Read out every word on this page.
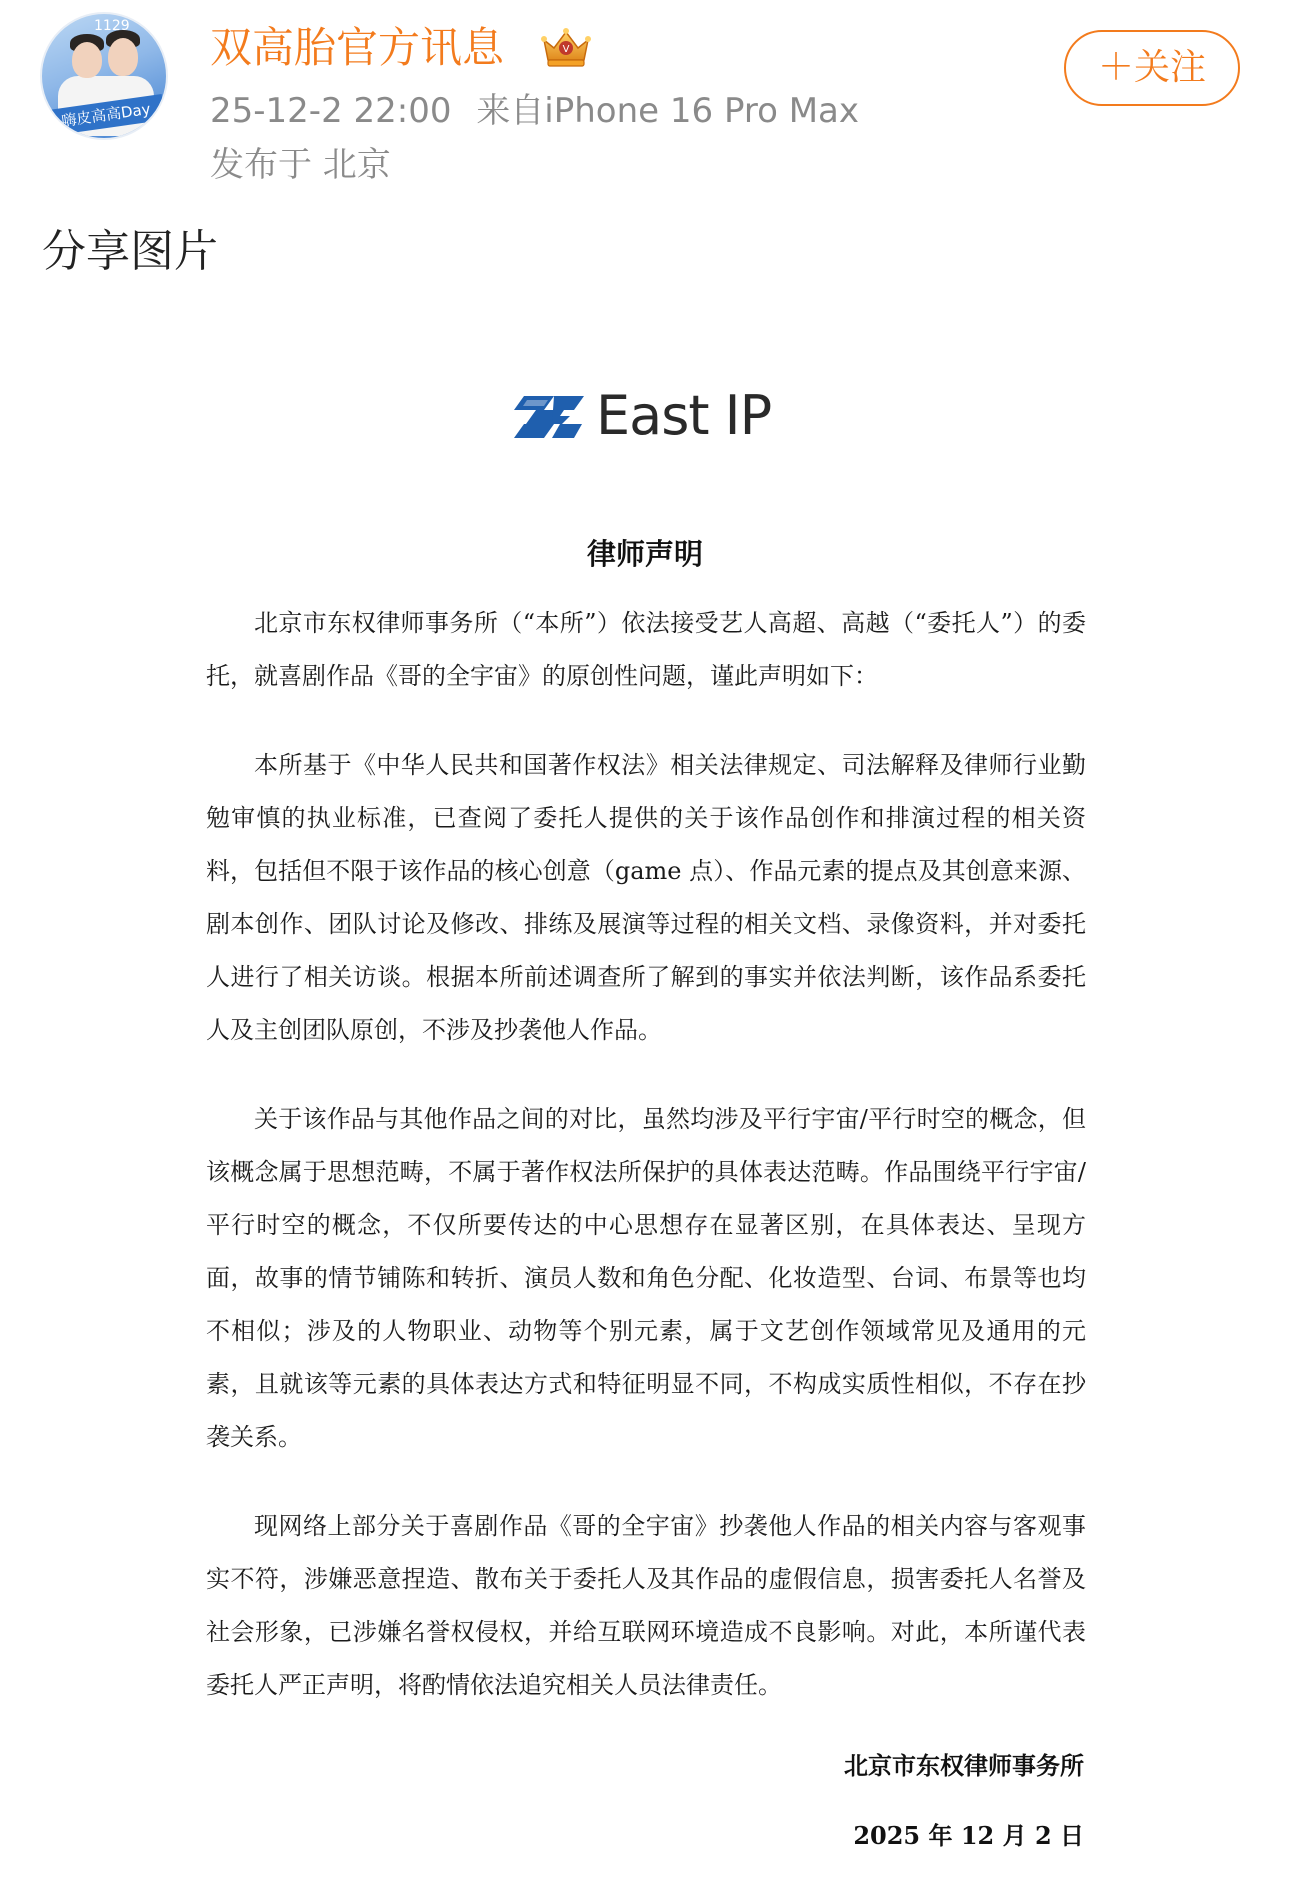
1129
嗨皮高高Day
双高胎官方讯息	V
25-12-2 22:00 来自iPhone 16 Pro Max
发布于 北京
＋关注
分享图片
East IP
律师声明

北京市东权律师事务所（“本所”）依法接受艺人高超、高越（“委托人”）的委托，就喜剧作品《哥的全宇宙》的原创性问题，谨此声明如下：

本所基于《中华人民共和国著作权法》相关法律规定、司法解释及律师行业勤勉审慎的执业标准，已查阅了委托人提供的关于该作品创作和排演过程的相关资料，包括但不限于该作品的核心创意（game 点）、作品元素的提点及其创意来源、剧本创作、团队讨论及修改、排练及展演等过程的相关文档、录像资料，并对委托人进行了相关访谈。根据本所前述调查所了解到的事实并依法判断，该作品系委托人及主创团队原创，不涉及抄袭他人作品。

关于该作品与其他作品之间的对比，虽然均涉及平行宇宙/平行时空的概念，但该概念属于思想范畴，不属于著作权法所保护的具体表达范畴。作品围绕平行宇宙/平行时空的概念，不仅所要传达的中心思想存在显著区别，在具体表达、呈现方面，故事的情节铺陈和转折、演员人数和角色分配、化妆造型、台词、布景等也均不相似；涉及的人物职业、动物等个别元素，属于文艺创作领域常见及通用的元素，且就该等元素的具体表达方式和特征明显不同，不构成实质性相似，不存在抄袭关系。

现网络上部分关于喜剧作品《哥的全宇宙》抄袭他人作品的相关内容与客观事实不符，涉嫌恶意捏造、散布关于委托人及其作品的虚假信息，损害委托人名誉及社会形象，已涉嫌名誉权侵权，并给互联网环境造成不良影响。对此，本所谨代表委托人严正声明，将酌情依法追究相关人员法律责任。

北京市东权律师事务所
2025 年 12 月 2 日
